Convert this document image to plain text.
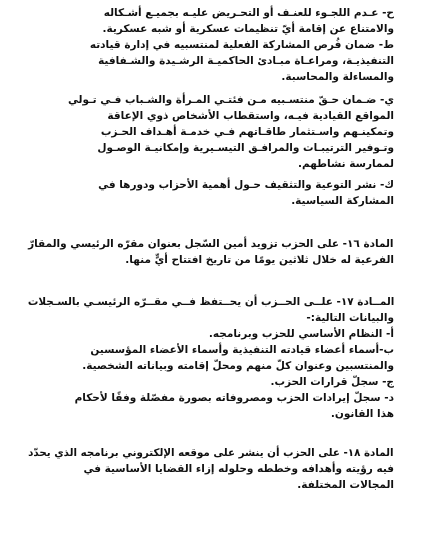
ح- عـدم اللجـوء للعنـف أو التحـريض عليـه بجميـع أشـكاله
والامتناع عن إقامة أيّ تنظيمات عسكرية أو شبه عسكرية.
ط- ضمان فُرص المشاركة الفعلية لمنتسبيه في إدارة قيادته
التنفيذيـة، ومراعـاة مبـادئ الحاكميـة الرشـيدة والشـفافية
والمساءلة والمحاسبة.
ي- ضـمان حـقّ منتسـبيه مـن فئتـي المـرأة والشـباب فـي تـولي
المواقع القيادية فيـه، واستقطاب الأشخاص ذوي الإعاقة
وتمكينـهم واسـتثمار طاقـاتهم فـي خدمـة أهـداف الحـزب
وتـوفير الترتيبـات والمرافـق التيسـيرية وإمكانيـة الوصـول
لممارسة نشاطهم.
ك- نشر التوعية والتثقيف حـول أهمية الأحزاب ودورها في
المشاركة السياسية.
المادة ١٦- على الحزب تزويد أمين السّجل بعنوان مقرّه الرئيسي والمقارّ
الفرعية له خلال ثلاثين يومًا من تاريخ افتتاح أيٍّ منها.
المــادة ١٧- علــى الحــزب أن يحــتفظ فــي مقــرّه الرئيسـي بالسـجلات
والبيانات التالية:-
أ- النظام الأساسي للحزب وبرنامجه.
ب-أسماء أعضاء قيادته التنفيذية وأسماء الأعضاء المؤسسين
والمنتسبين وعنوان كلّ منهم ومحلّ إقامته وبياناته الشخصية.
ج- سجلّ قرارات الحزب.
د- سجلّ إيرادات الحزب ومصروفاته بصورة مفصّلة وفقًا لأحكام
هذا القانون.
المادة ١٨- على الحزب أن ينشر على موقعه الإلكتروني برنامجه الذي يحدّد
فيه رؤيته وأهدافه وخططه وحلوله إزاء القضايا الأساسية في
المجالات المختلفة.
